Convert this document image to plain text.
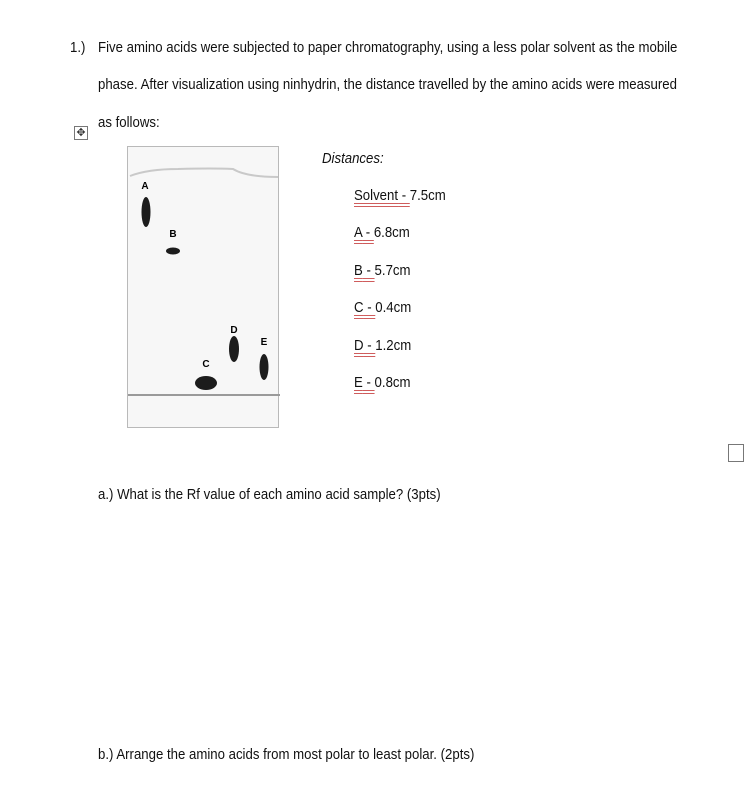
1.) Five amino acids were subjected to paper chromatography, using a less polar solvent as the mobile
phase. After visualization using ninhydrin, the distance travelled by the amino acids were measured
as follows:
✥
A
B
C
D
E
Distances:
Solvent - 7.5cm
A - 6.8cm
B - 5.7cm
C - 0.4cm
D - 1.2cm
E - 0.8cm
a.) What is the Rf value of each amino acid sample? (3pts)
b.) Arrange the amino acids from most polar to least polar. (2pts)
